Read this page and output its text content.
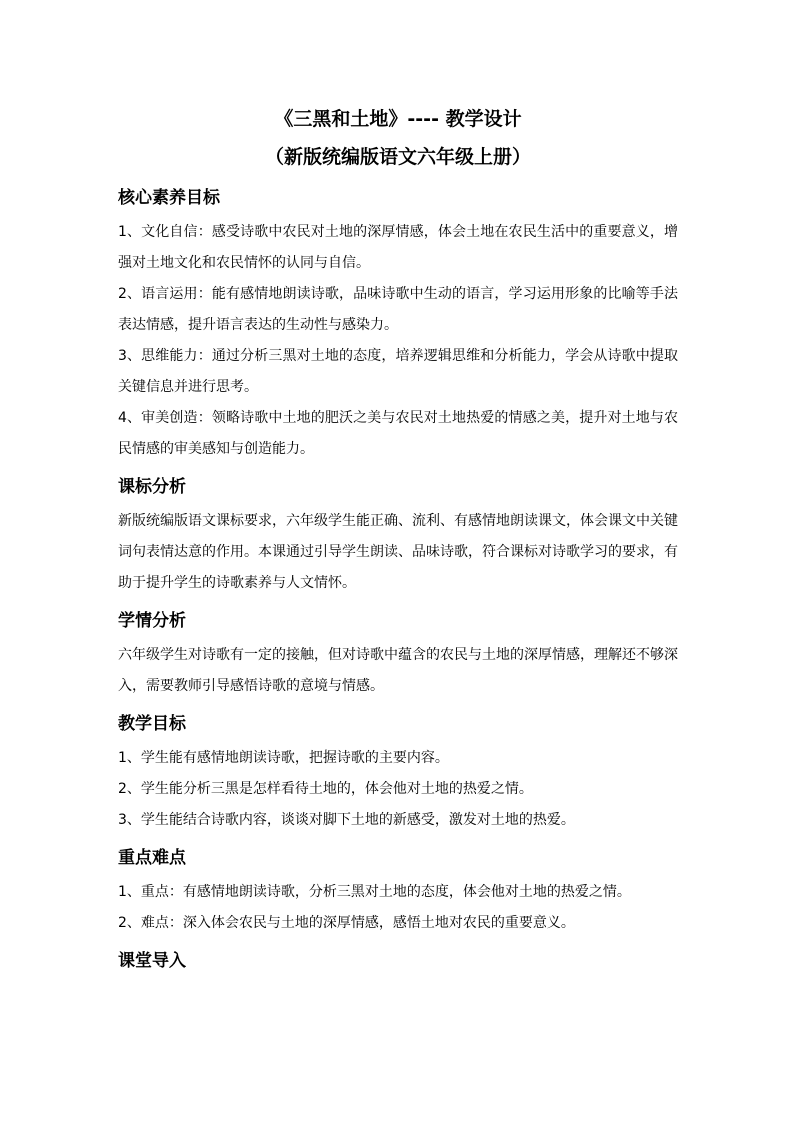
《三黑和土地》---- 教学设计
（新版统编版语文六年级上册）
核心素养目标

1、文化自信：感受诗歌中农民对土地的深厚情感，体会土地在农民生活中的重要意义，增强对土地文化和农民情怀的认同与自信。

2、语言运用：能有感情地朗读诗歌，品味诗歌中生动的语言，学习运用形象的比喻等手法表达情感，提升语言表达的生动性与感染力。

3、思维能力：通过分析三黑对土地的态度，培养逻辑思维和分析能力，学会从诗歌中提取关键信息并进行思考。

4、审美创造：领略诗歌中土地的肥沃之美与农民对土地热爱的情感之美，提升对土地与农民情感的审美感知与创造能力。

课标分析

新版统编版语文课标要求，六年级学生能正确、流利、有感情地朗读课文，体会课文中关键词句表情达意的作用。本课通过引导学生朗读、品味诗歌，符合课标对诗歌学习的要求，有助于提升学生的诗歌素养与人文情怀。

学情分析

六年级学生对诗歌有一定的接触，但对诗歌中蕴含的农民与土地的深厚情感，理解还不够深入，需要教师引导感悟诗歌的意境与情感。

教学目标

1、学生能有感情地朗读诗歌，把握诗歌的主要内容。

2、学生能分析三黑是怎样看待土地的，体会他对土地的热爱之情。

3、学生能结合诗歌内容，谈谈对脚下土地的新感受，激发对土地的热爱。

重点难点

1、重点：有感情地朗读诗歌，分析三黑对土地的态度，体会他对土地的热爱之情。

2、难点：深入体会农民与土地的深厚情感，感悟土地对农民的重要意义。

课堂导入
